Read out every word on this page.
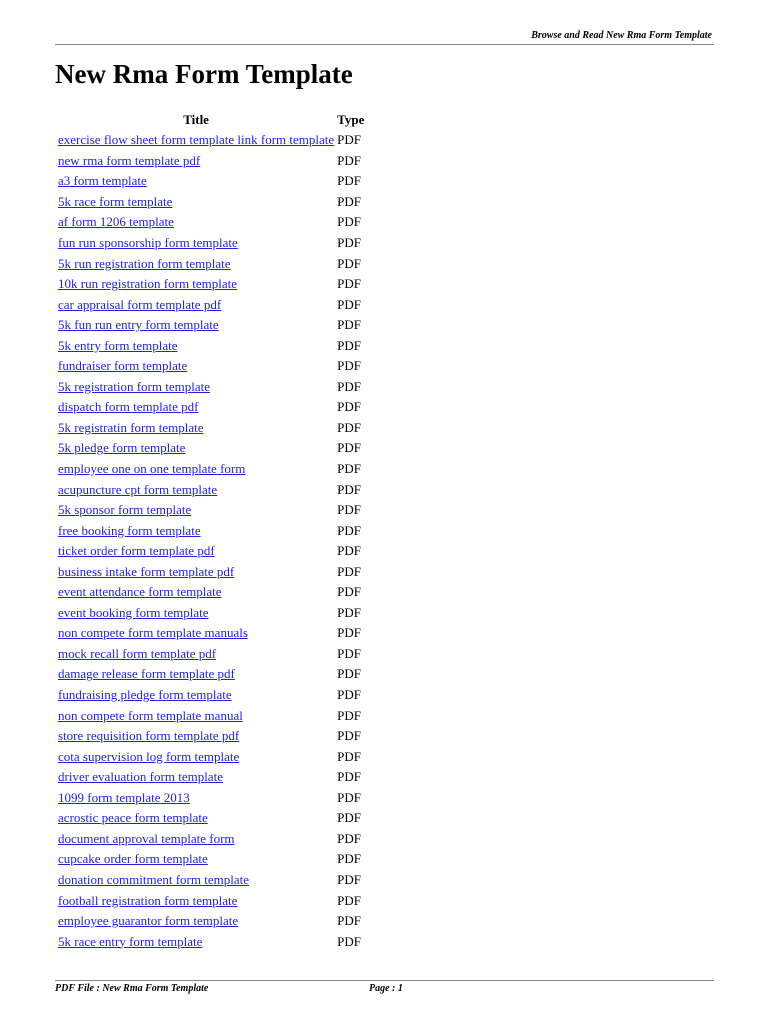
Browse and Read New Rma Form Template
New Rma Form Template
Title	Type
exercise flow sheet form template link form template	PDF
new rma form template pdf	PDF
a3 form template	PDF
5k race form template	PDF
af form 1206 template	PDF
fun run sponsorship form template	PDF
5k run registration form template	PDF
10k run registration form template	PDF
car appraisal form template pdf	PDF
5k fun run entry form template	PDF
5k entry form template	PDF
fundraiser form template	PDF
5k registration form template	PDF
dispatch form template pdf	PDF
5k registratin form template	PDF
5k pledge form template	PDF
employee one on one template form	PDF
acupuncture cpt form template	PDF
5k sponsor form template	PDF
free booking form template	PDF
ticket order form template pdf	PDF
business intake form template pdf	PDF
event attendance form template	PDF
event booking form template	PDF
non compete form template manuals	PDF
mock recall form template pdf	PDF
damage release form template pdf	PDF
fundraising pledge form template	PDF
non compete form template manual	PDF
store requisition form template pdf	PDF
cota supervision log form template	PDF
driver evaluation form template	PDF
1099 form template 2013	PDF
acrostic peace form template	PDF
document approval template form	PDF
cupcake order form template	PDF
donation commitment form template	PDF
football registration form template	PDF
employee guarantor form template	PDF
5k race entry form template	PDF
PDF File : New Rma Form Template	Page : 1
